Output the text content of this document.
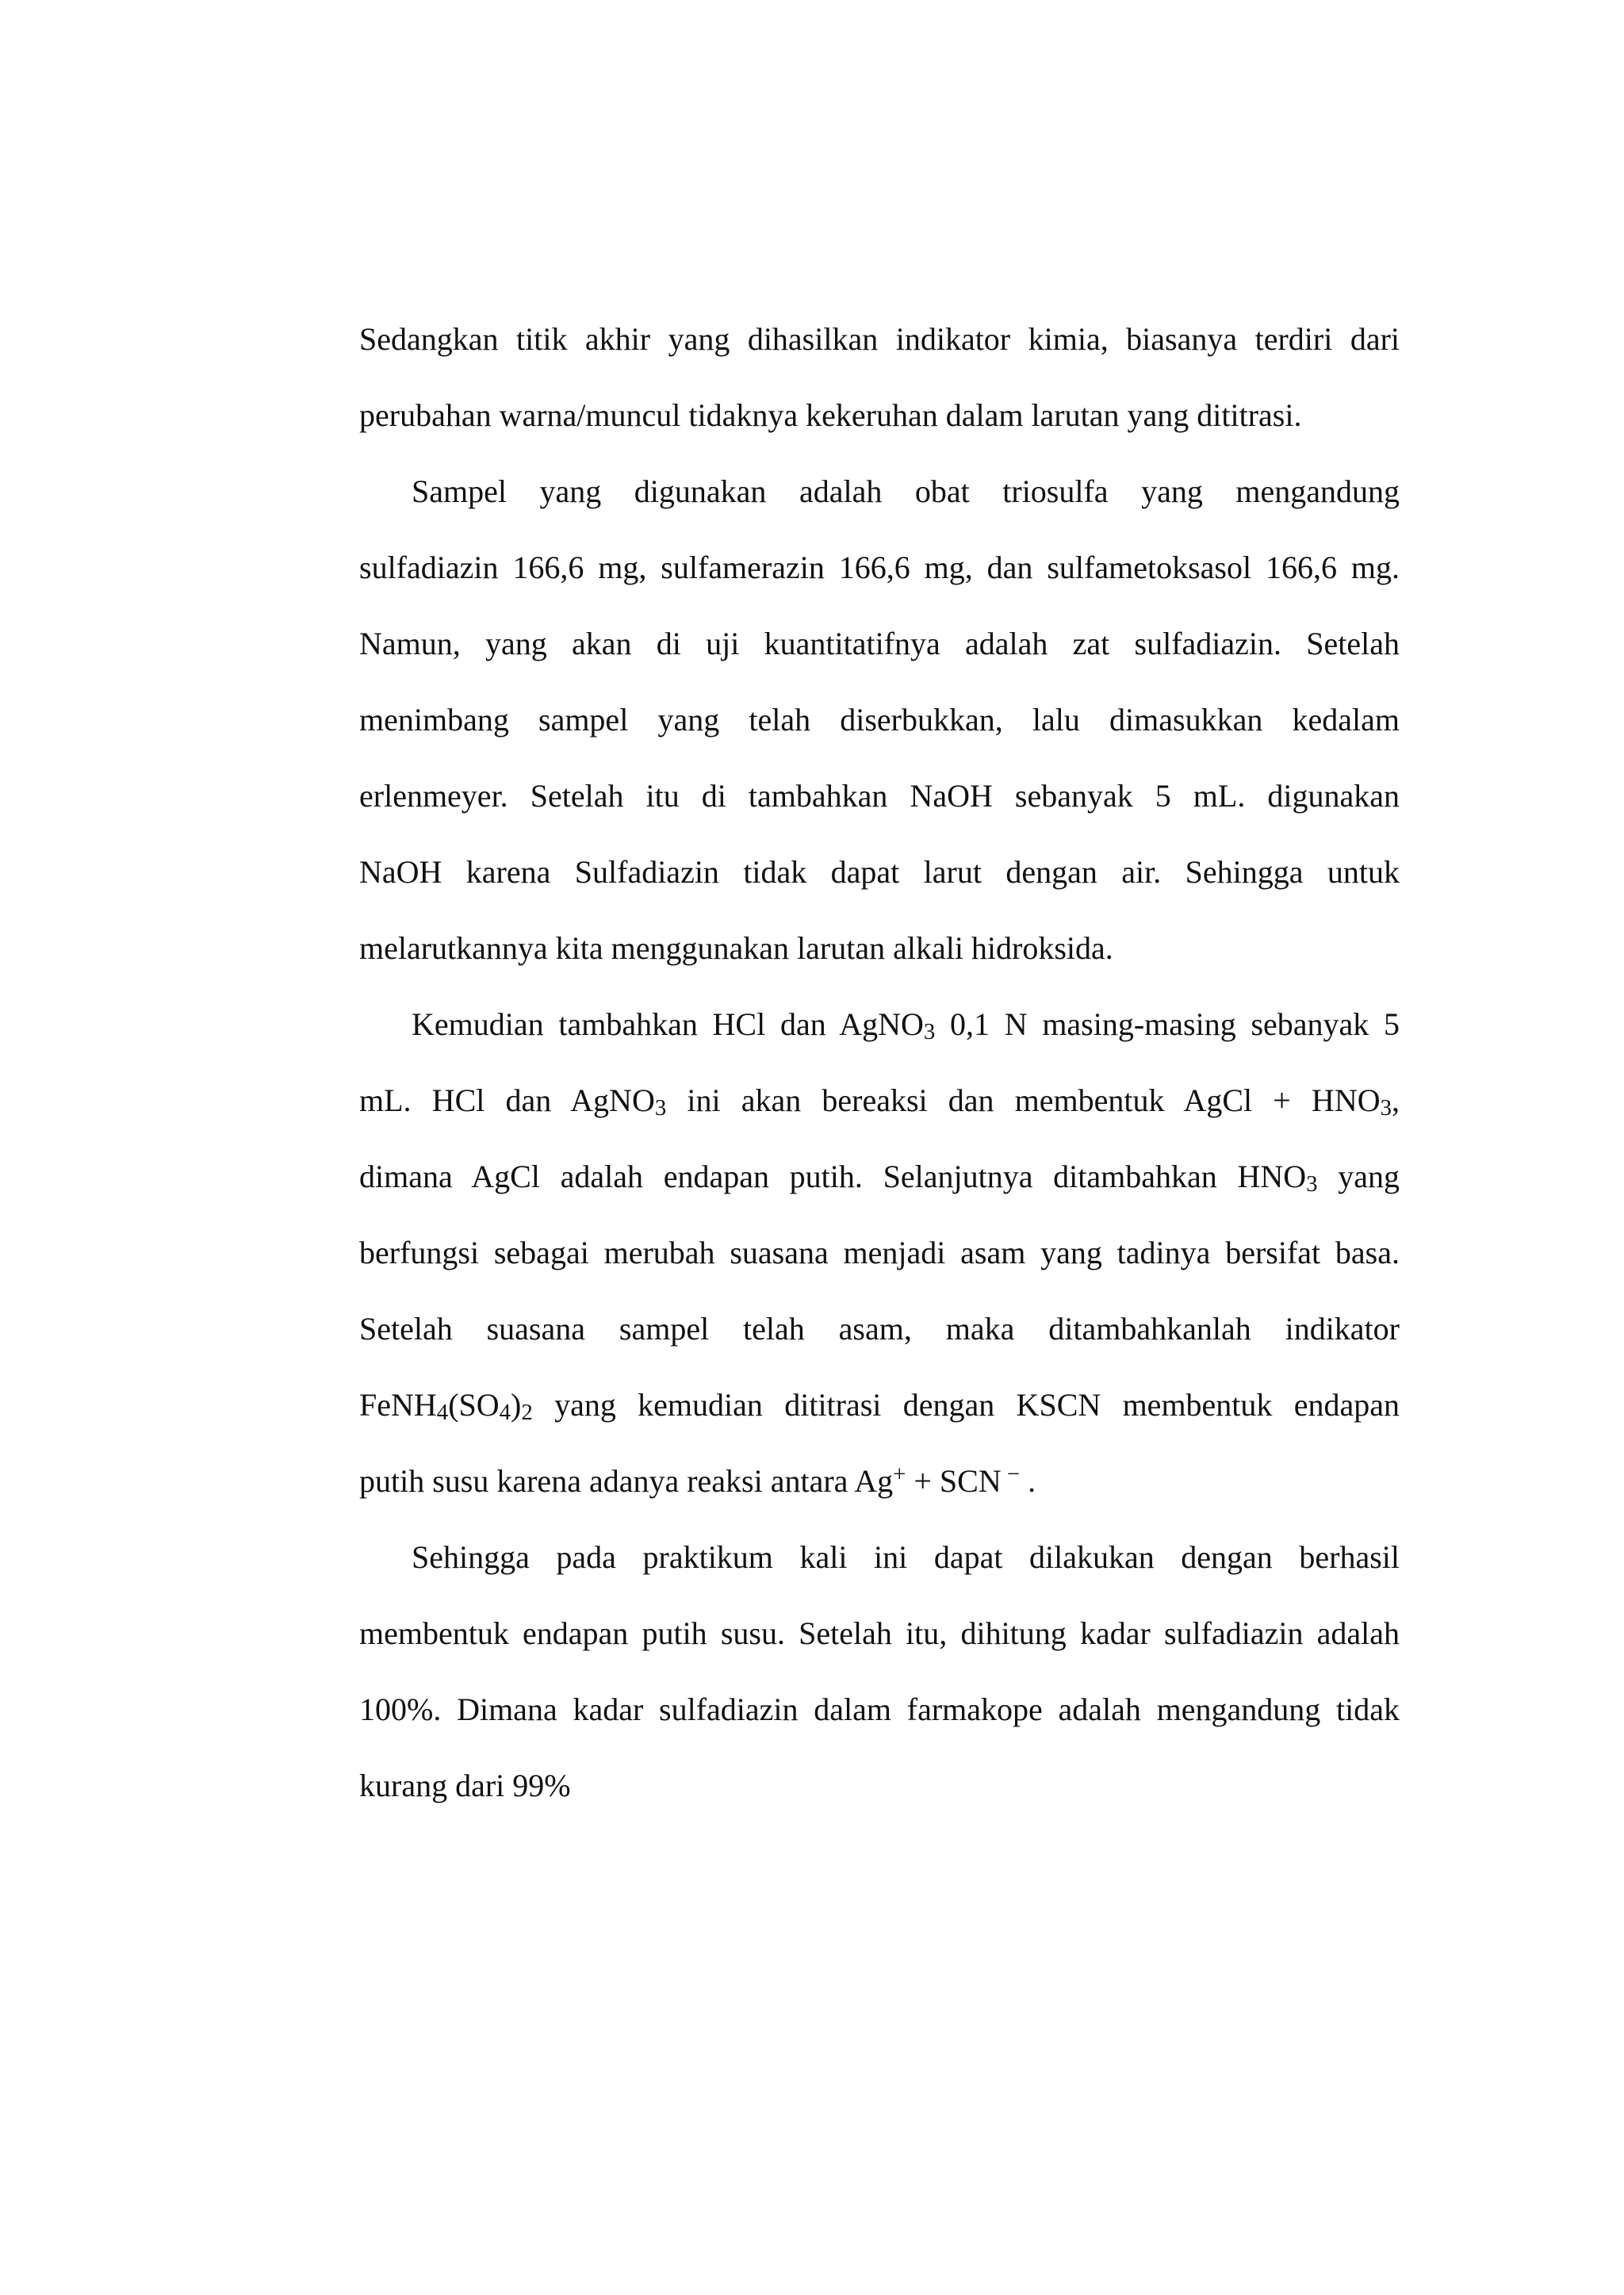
Sedangkan titik akhir yang dihasilkan indikator kimia, biasanya terdiri dari
perubahan warna/muncul tidaknya kekeruhan dalam larutan yang dititrasi.

Sampel yang digunakan adalah obat triosulfa yang mengandung
sulfadiazin 166,6 mg, sulfamerazin 166,6 mg, dan sulfametoksasol 166,6 mg.
Namun, yang akan di uji kuantitatifnya adalah zat sulfadiazin. Setelah
menimbang sampel yang telah diserbukkan, lalu dimasukkan kedalam
erlenmeyer. Setelah itu di tambahkan NaOH sebanyak 5 mL. digunakan
NaOH karena Sulfadiazin tidak dapat larut dengan air. Sehingga untuk
melarutkannya kita menggunakan larutan alkali hidroksida.

Kemudian tambahkan HCl dan AgNO3 0,1 N masing-masing sebanyak 5
mL. HCl dan AgNO3 ini akan bereaksi dan membentuk AgCl + HNO3,
dimana AgCl adalah endapan putih. Selanjutnya ditambahkan HNO3 yang
berfungsi sebagai merubah suasana menjadi asam yang tadinya bersifat basa.
Setelah suasana sampel telah asam, maka ditambahkanlah indikator
FeNH4(SO4)2 yang kemudian dititrasi dengan KSCN membentuk endapan
putih susu karena adanya reaksi antara Ag+ + SCN − .

Sehingga pada praktikum kali ini dapat dilakukan dengan berhasil
membentuk endapan putih susu. Setelah itu, dihitung kadar sulfadiazin adalah
100%. Dimana kadar sulfadiazin dalam farmakope adalah mengandung tidak
kurang dari 99%
